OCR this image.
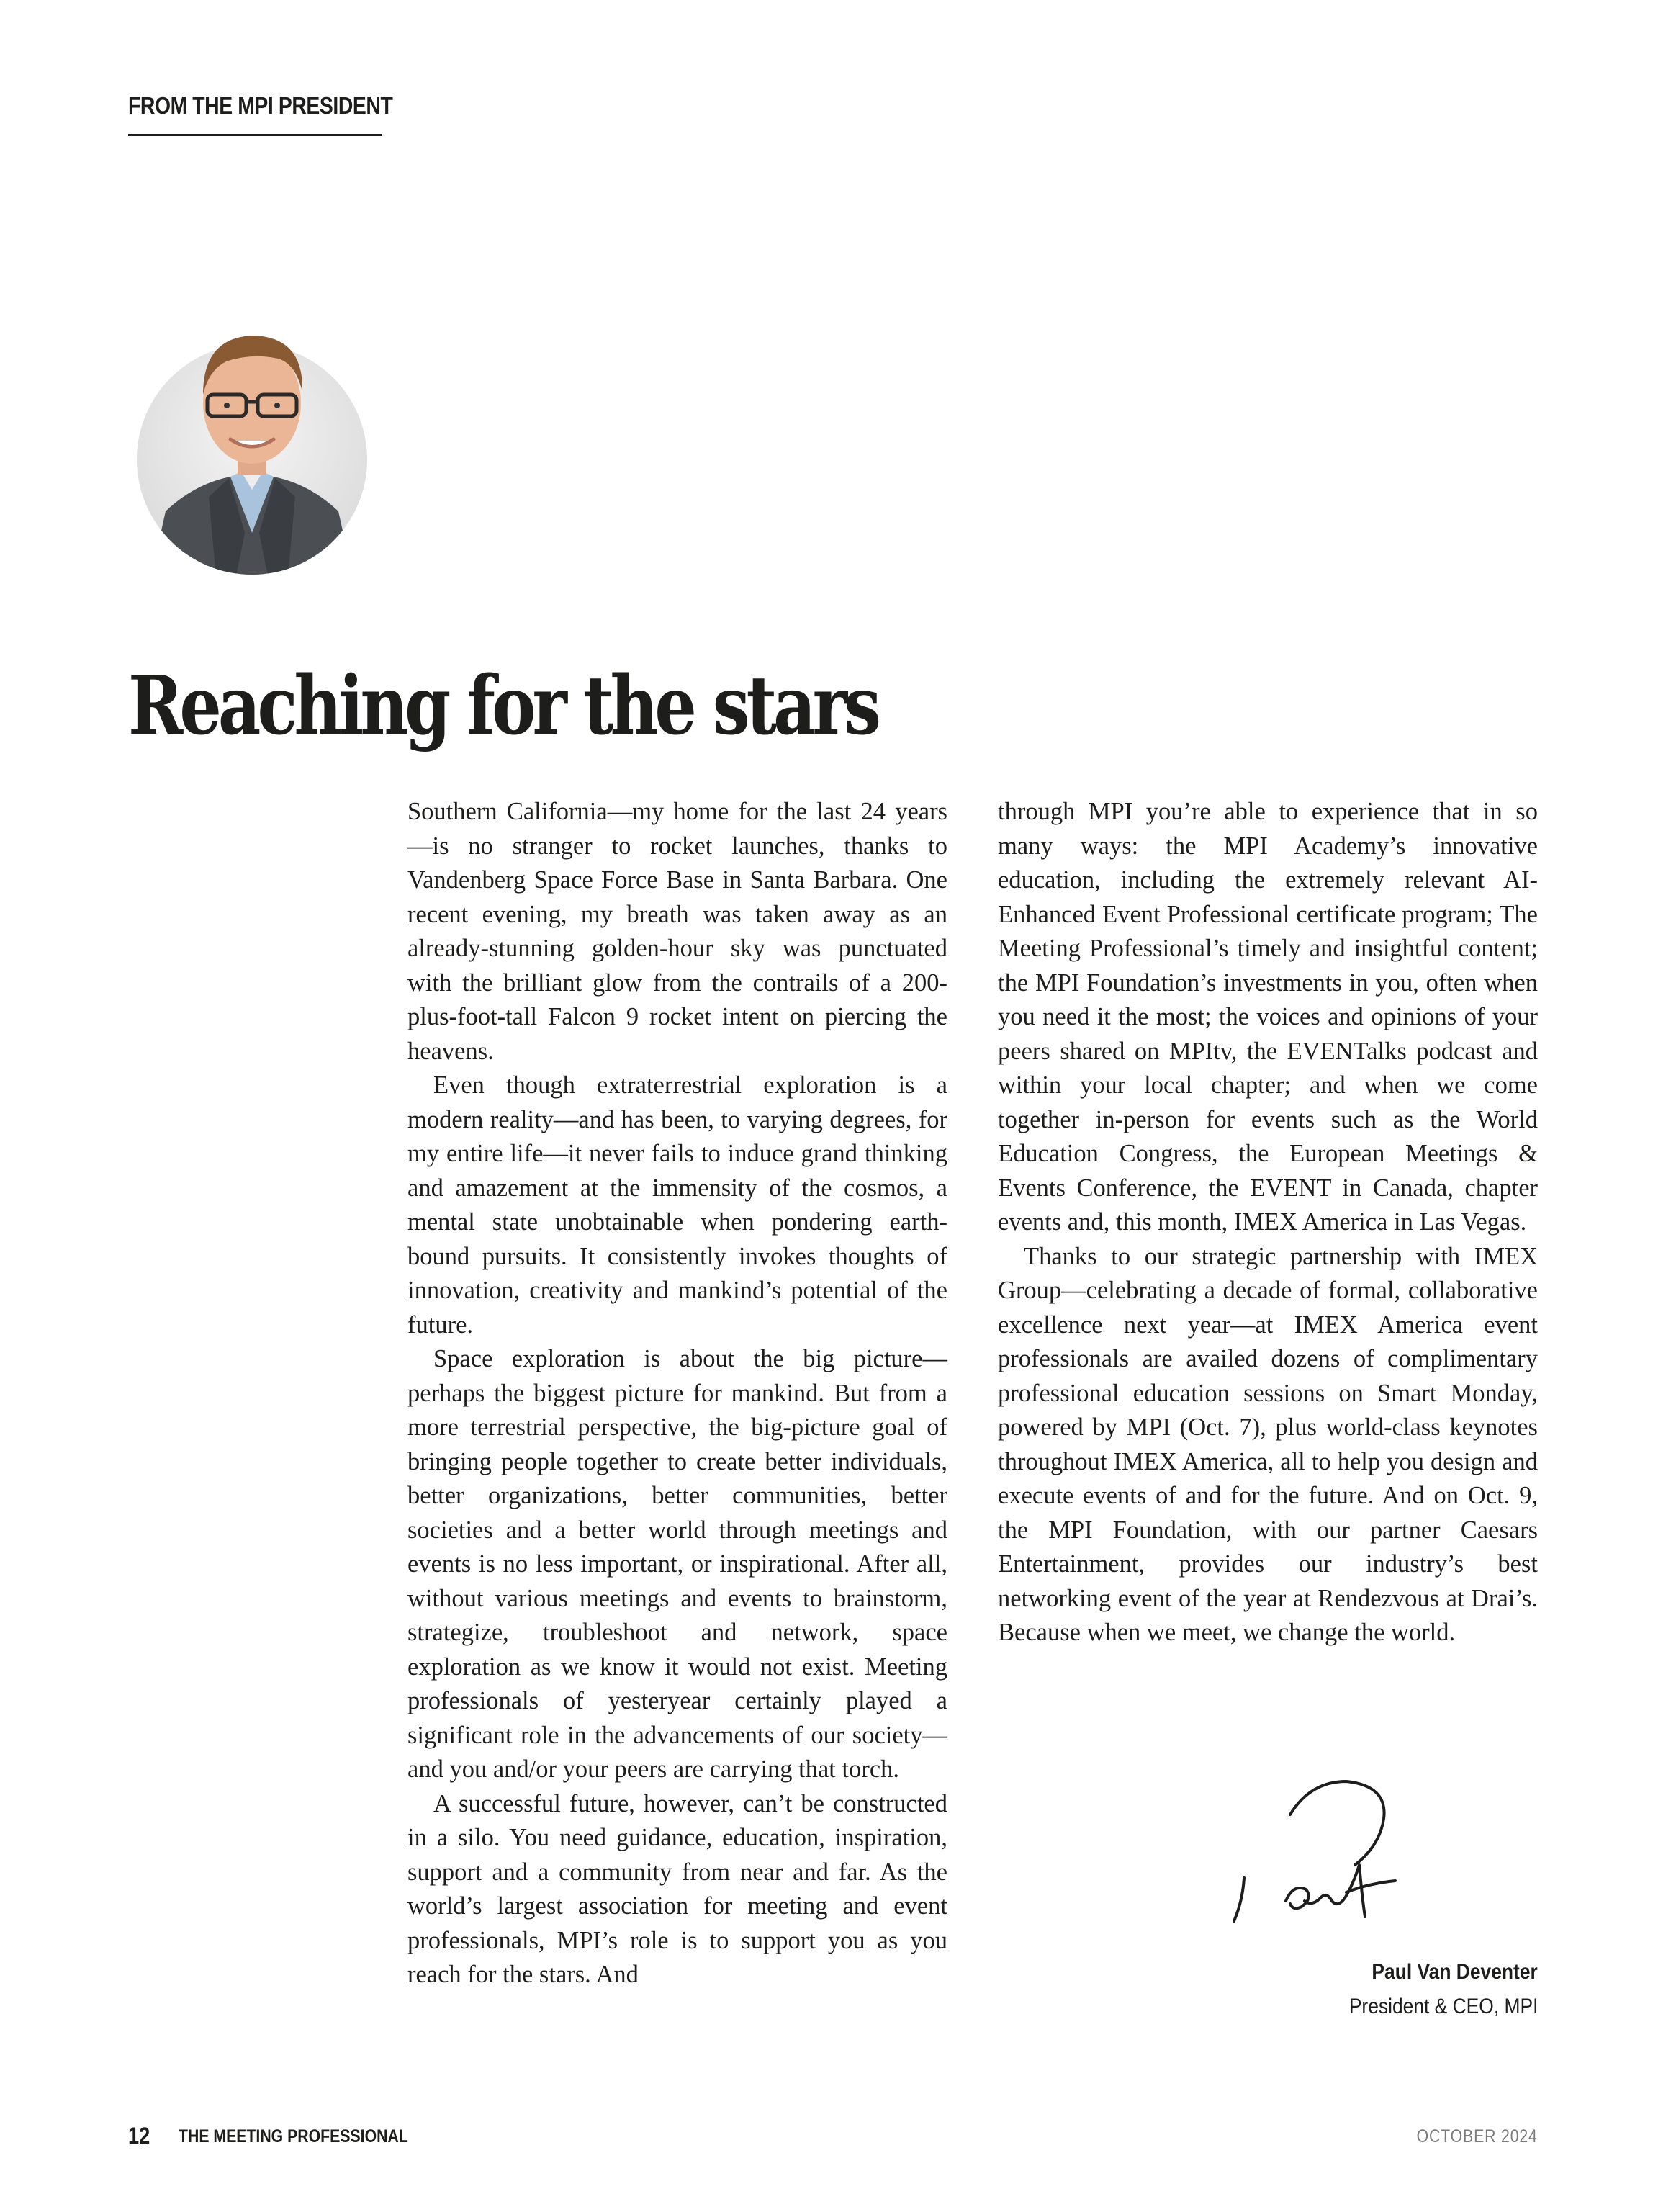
FROM THE MPI PRESIDENT
Reaching for the stars

Southern California—my home for the last 24 years—is no stranger to rocket launches, thanks to Vandenberg Space Force Base in Santa Barbara. One recent evening, my breath was taken away as an already-stunning golden-hour sky was punctuated with the brilliant glow from the contrails of a 200-plus-foot-tall Falcon 9 rocket intent on piercing the heavens.

Even though extraterrestrial exploration is a modern reality—and has been, to varying degrees, for my entire life—it never fails to induce grand thinking and amazement at the immensity of the cosmos, a mental state unobtainable when pondering earth-bound pursuits. It consistently invokes thoughts of innovation, creativity and mankind’s potential of the future.

Space exploration is about the big picture—perhaps the biggest picture for mankind. But from a more terrestrial perspective, the big-picture goal of bringing people together to create better individuals, better organizations, better communities, better societies and a better world through meetings and events is no less important, or inspirational. After all, without various meetings and events to brainstorm, strategize, troubleshoot and network, space exploration as we know it would not exist. Meeting professionals of yesteryear certainly played a significant role in the advancements of our society—and you and/or your peers are carrying that torch.

A successful future, however, can’t be constructed in a silo. You need guidance, education, inspiration, support and a community from near and far. As the world’s largest association for meeting and event professionals, MPI’s role is to support you as you reach for the stars. And

through MPI you’re able to experience that in so many ways: the MPI Academy’s innovative education, including the extremely relevant AI-Enhanced Event Professional certificate program; The Meeting Professional’s timely and insightful content; the MPI Foundation’s investments in you, often when you need it the most; the voices and opinions of your peers shared on MPItv, the EVENTalks podcast and within your local chapter; and when we come together in-person for events such as the World Education Congress, the European Meetings & Events Conference, the EVENT in Canada, chapter events and, this month, IMEX America in Las Vegas.

Thanks to our strategic partnership with IMEX Group—celebrating a decade of formal, collaborative excellence next year—at IMEX America event professionals are availed dozens of complimentary professional education sessions on Smart Monday, powered by MPI (Oct. 7), plus world-class keynotes throughout IMEX America, all to help you design and execute events of and for the future. And on Oct. 9, the MPI Foundation, with our partner Caesars Entertainment, provides our industry’s best networking event of the year at Rendezvous at Drai’s. Because when we meet, we change the world.

Paul Van Deventer
President & CEO, MPI
12 THE MEETING PROFESSIONAL	OCTOBER 2024
